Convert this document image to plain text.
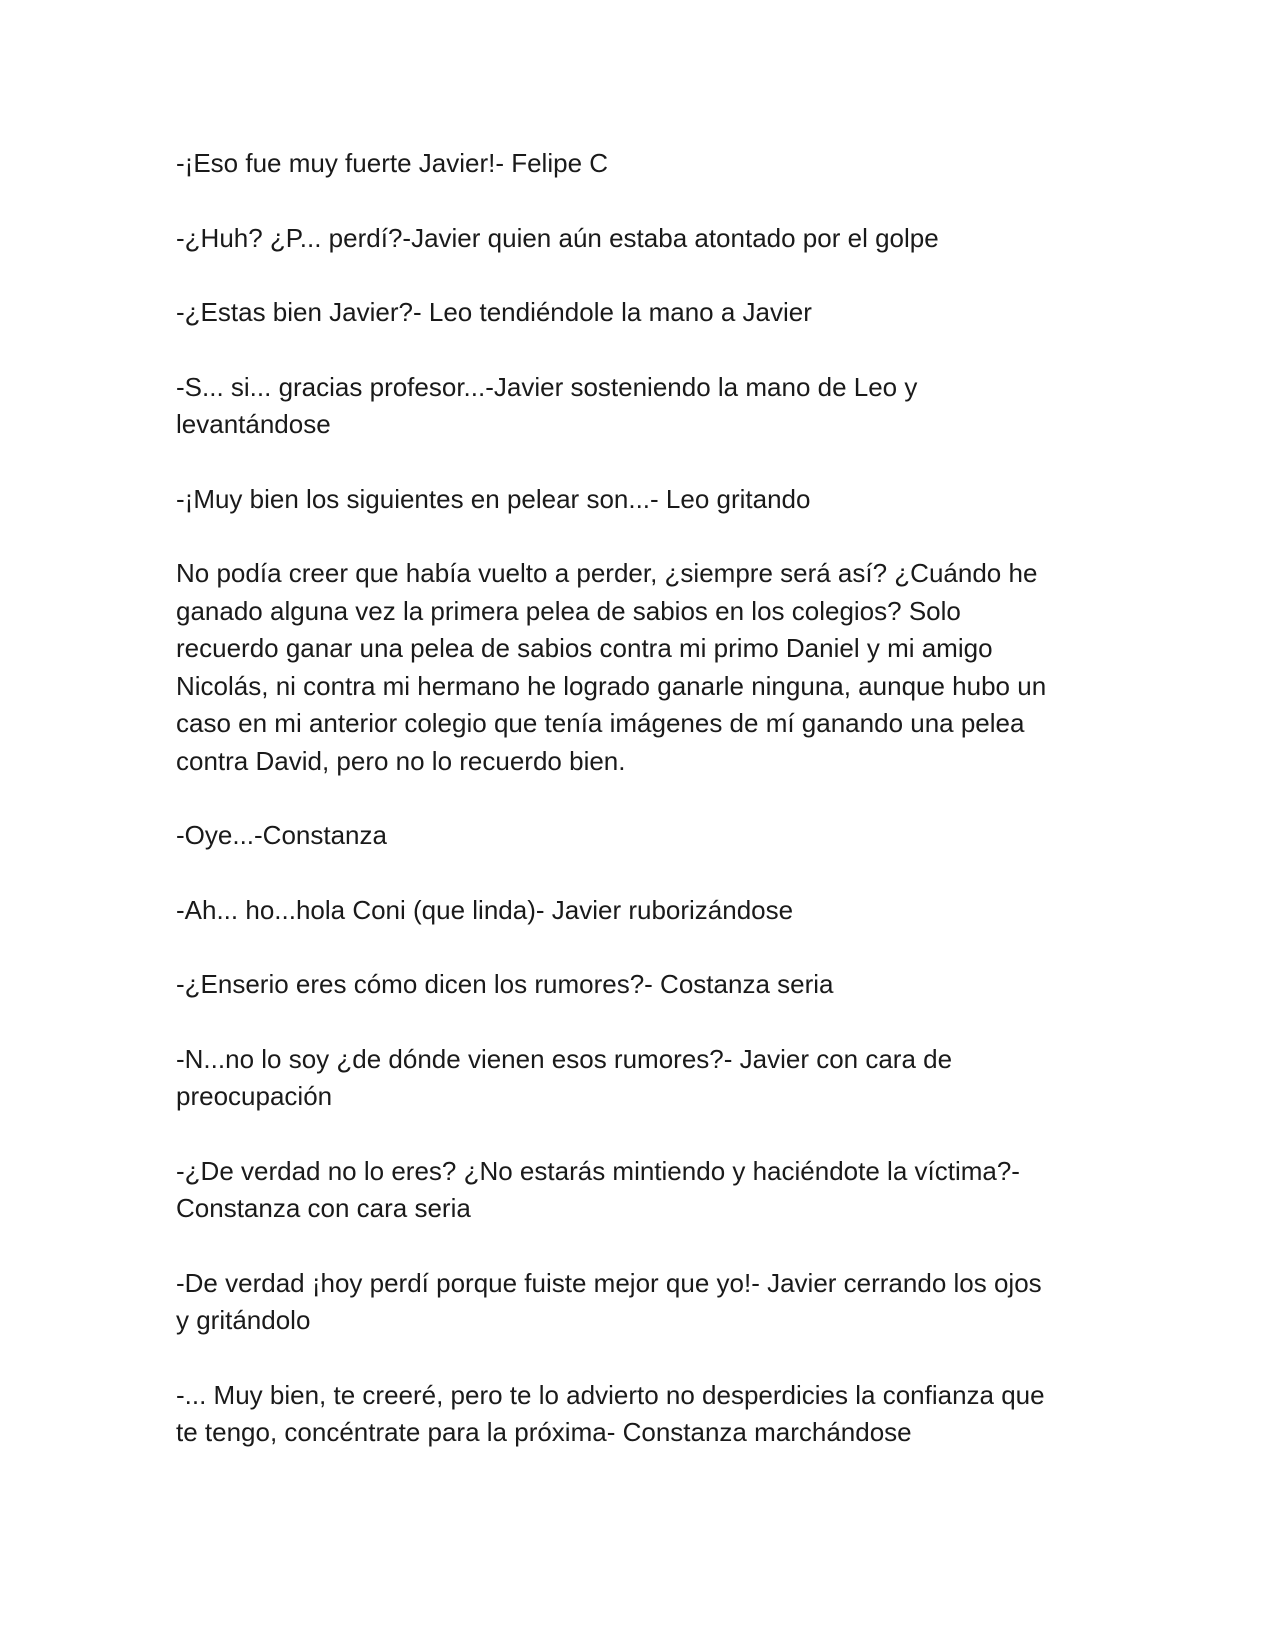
-¡Eso fue muy fuerte Javier!- Felipe C

-¿Huh? ¿P... perdí?-Javier quien aún estaba atontado por el golpe

-¿Estas bien Javier?- Leo tendiéndole la mano a Javier

-S... si... gracias profesor...-Javier sosteniendo la mano de Leo y levantándose

-¡Muy bien los siguientes en pelear son...- Leo gritando

No podía creer que había vuelto a perder, ¿siempre será así? ¿Cuándo he ganado alguna vez la primera pelea de sabios en los colegios? Solo recuerdo ganar una pelea de sabios contra mi primo Daniel y mi amigo Nicolás, ni contra mi hermano he logrado ganarle ninguna, aunque hubo un caso en mi anterior colegio que tenía imágenes de mí ganando una pelea contra David, pero no lo recuerdo bien.

-Oye...-Constanza

-Ah... ho...hola Coni (que linda)- Javier ruborizándose

-¿Enserio eres cómo dicen los rumores?- Costanza seria

-N...no lo soy ¿de dónde vienen esos rumores?- Javier con cara de preocupación

-¿De verdad no lo eres? ¿No estarás mintiendo y haciéndote la víctima?- Constanza con cara seria

-De verdad ¡hoy perdí porque fuiste mejor que yo!- Javier cerrando los ojos y gritándolo

-... Muy bien, te creeré, pero te lo advierto no desperdicies la confianza que te tengo, concéntrate para la próxima- Constanza marchándose
